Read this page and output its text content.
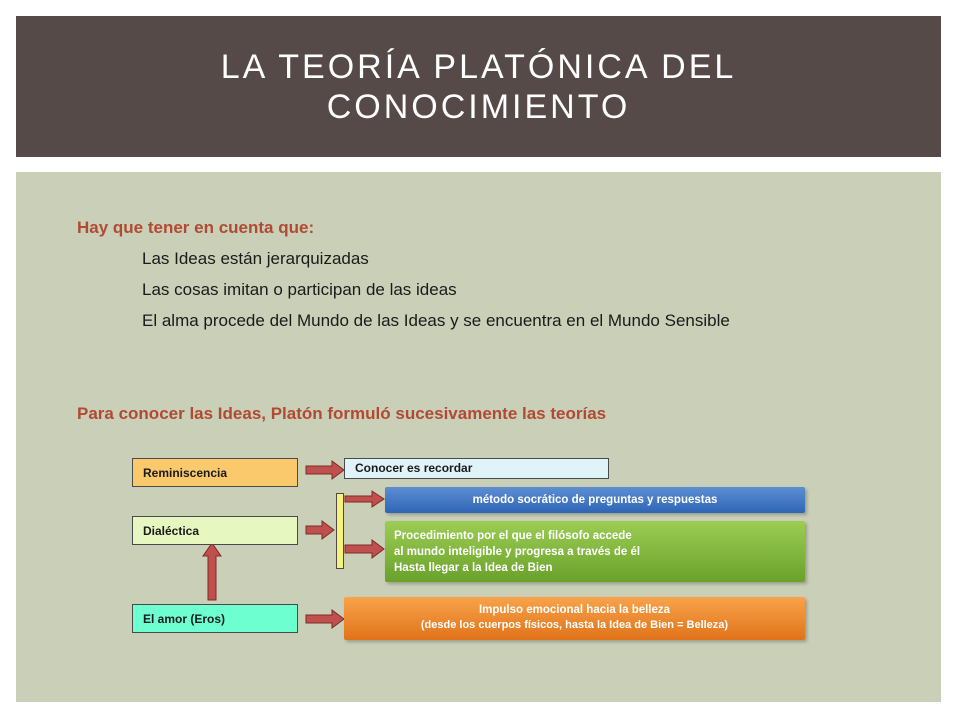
LA TEORÍA PLATÓNICA DEL CONOCIMIENTO
Hay que tener en cuenta que:
Las Ideas están jerarquizadas
Las cosas imitan o participan de las ideas
El alma procede del Mundo de las Ideas y se encuentra en el Mundo Sensible
Para conocer las Ideas, Platón formuló sucesivamente las teorías
Reminiscencia
Dialéctica
El amor (Eros)
Conocer es recordar
método socrático de preguntas y respuestas
Procedimiento por el que el filósofo accede
al mundo inteligible y progresa a través de él
Hasta llegar a la Idea de Bien
Impulso emocional hacia la belleza
(desde los cuerpos físicos, hasta la Idea de Bien = Belleza)
